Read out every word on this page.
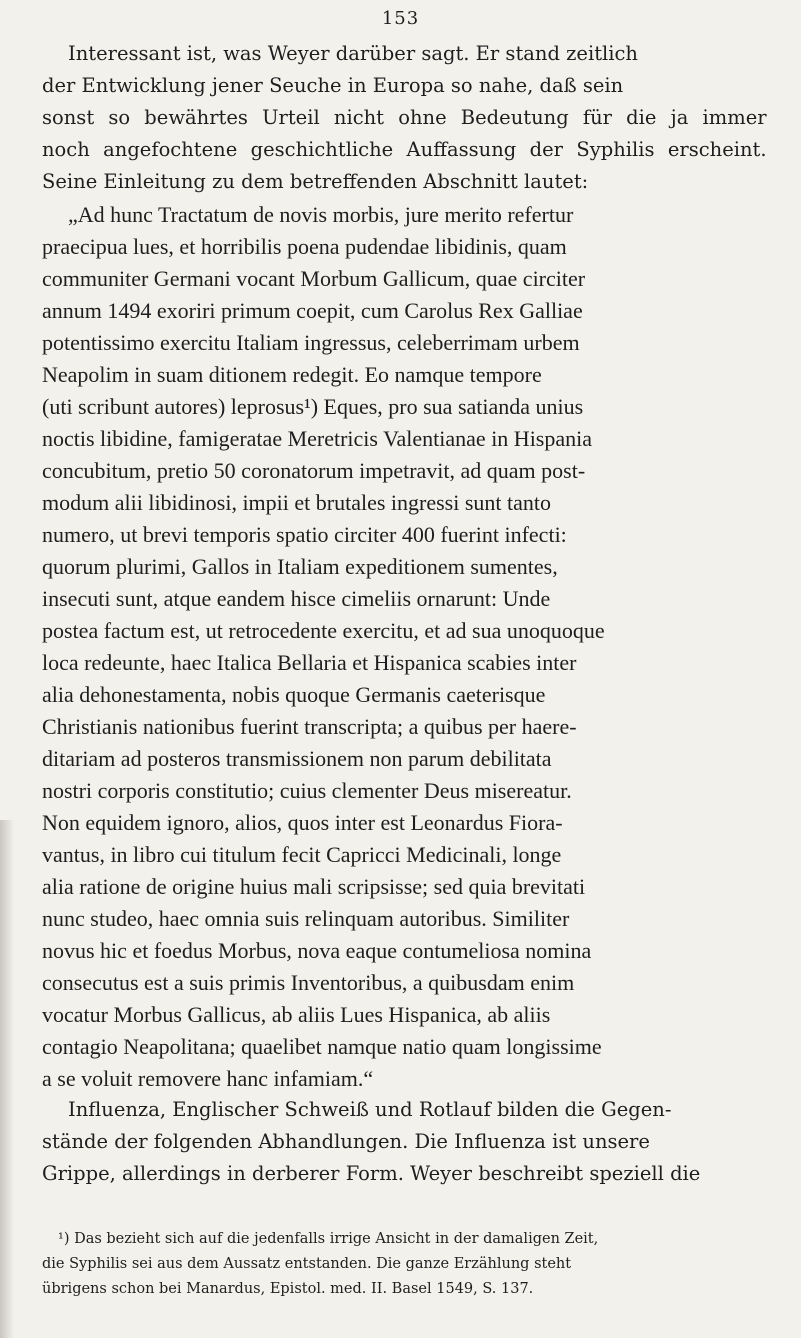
153
Interessant ist, was Weyer darüber sagt. Er stand zeitlich
der Entwicklung jener Seuche in Europa so nahe, daß sein
sonst so bewährtes Urteil nicht ohne Bedeutung für die ja immer
noch angefochtene geschichtliche Auffassung der Syphilis erscheint.
Seine Einleitung zu dem betreffenden Abschnitt lautet:
„Ad hunc Tractatum de novis morbis, jure merito refertur
praecipua lues, et horribilis poena pudendae libidinis, quam
communiter Germani vocant Morbum Gallicum, quae circiter
annum 1494 exoriri primum coepit, cum Carolus Rex Galliae
potentissimo exercitu Italiam ingressus, celeberrimam urbem
Neapolim in suam ditionem redegit. Eo namque tempore
(uti scribunt autores) leprosus¹) Eques, pro sua satianda unius
noctis libidine, famigeratae Meretricis Valentianae in Hispania
concubitum, pretio 50 coronatorum impetravit, ad quam post-
modum alii libidinosi, impii et brutales ingressi sunt tanto
numero, ut brevi temporis spatio circiter 400 fuerint infecti:
quorum plurimi, Gallos in Italiam expeditionem sumentes,
insecuti sunt, atque eandem hisce cimeliis ornarunt: Unde
postea factum est, ut retrocedente exercitu, et ad sua unoquoque
loca redeunte, haec Italica Bellaria et Hispanica scabies inter
alia dehonestamenta, nobis quoque Germanis caeterisque
Christianis nationibus fuerint transcripta; a quibus per haere-
ditariam ad posteros transmissionem non parum debilitata
nostri corporis constitutio; cuius clementer Deus misereatur.
Non equidem ignoro, alios, quos inter est Leonardus Fiora-
vantus, in libro cui titulum fecit Capricci Medicinali, longe
alia ratione de origine huius mali scripsisse; sed quia brevitati
nunc studeo, haec omnia suis relinquam autoribus. Similiter
novus hic et foedus Morbus, nova eaque contumeliosa nomina
consecutus est a suis primis Inventoribus, a quibusdam enim
vocatur Morbus Gallicus, ab aliis Lues Hispanica, ab aliis
contagio Neapolitana; quaelibet namque natio quam longissime
a se voluit removere hanc infamiam.“
Influenza, Englischer Schweiß und Rotlauf bilden die Gegen-
stände der folgenden Abhandlungen. Die Influenza ist unsere
Grippe, allerdings in derberer Form. Weyer beschreibt speziell die
¹) Das bezieht sich auf die jedenfalls irrige Ansicht in der damaligen Zeit,
die Syphilis sei aus dem Aussatz entstanden. Die ganze Erzählung steht
übrigens schon bei Manardus, Epistol. med. II. Basel 1549, S. 137.
